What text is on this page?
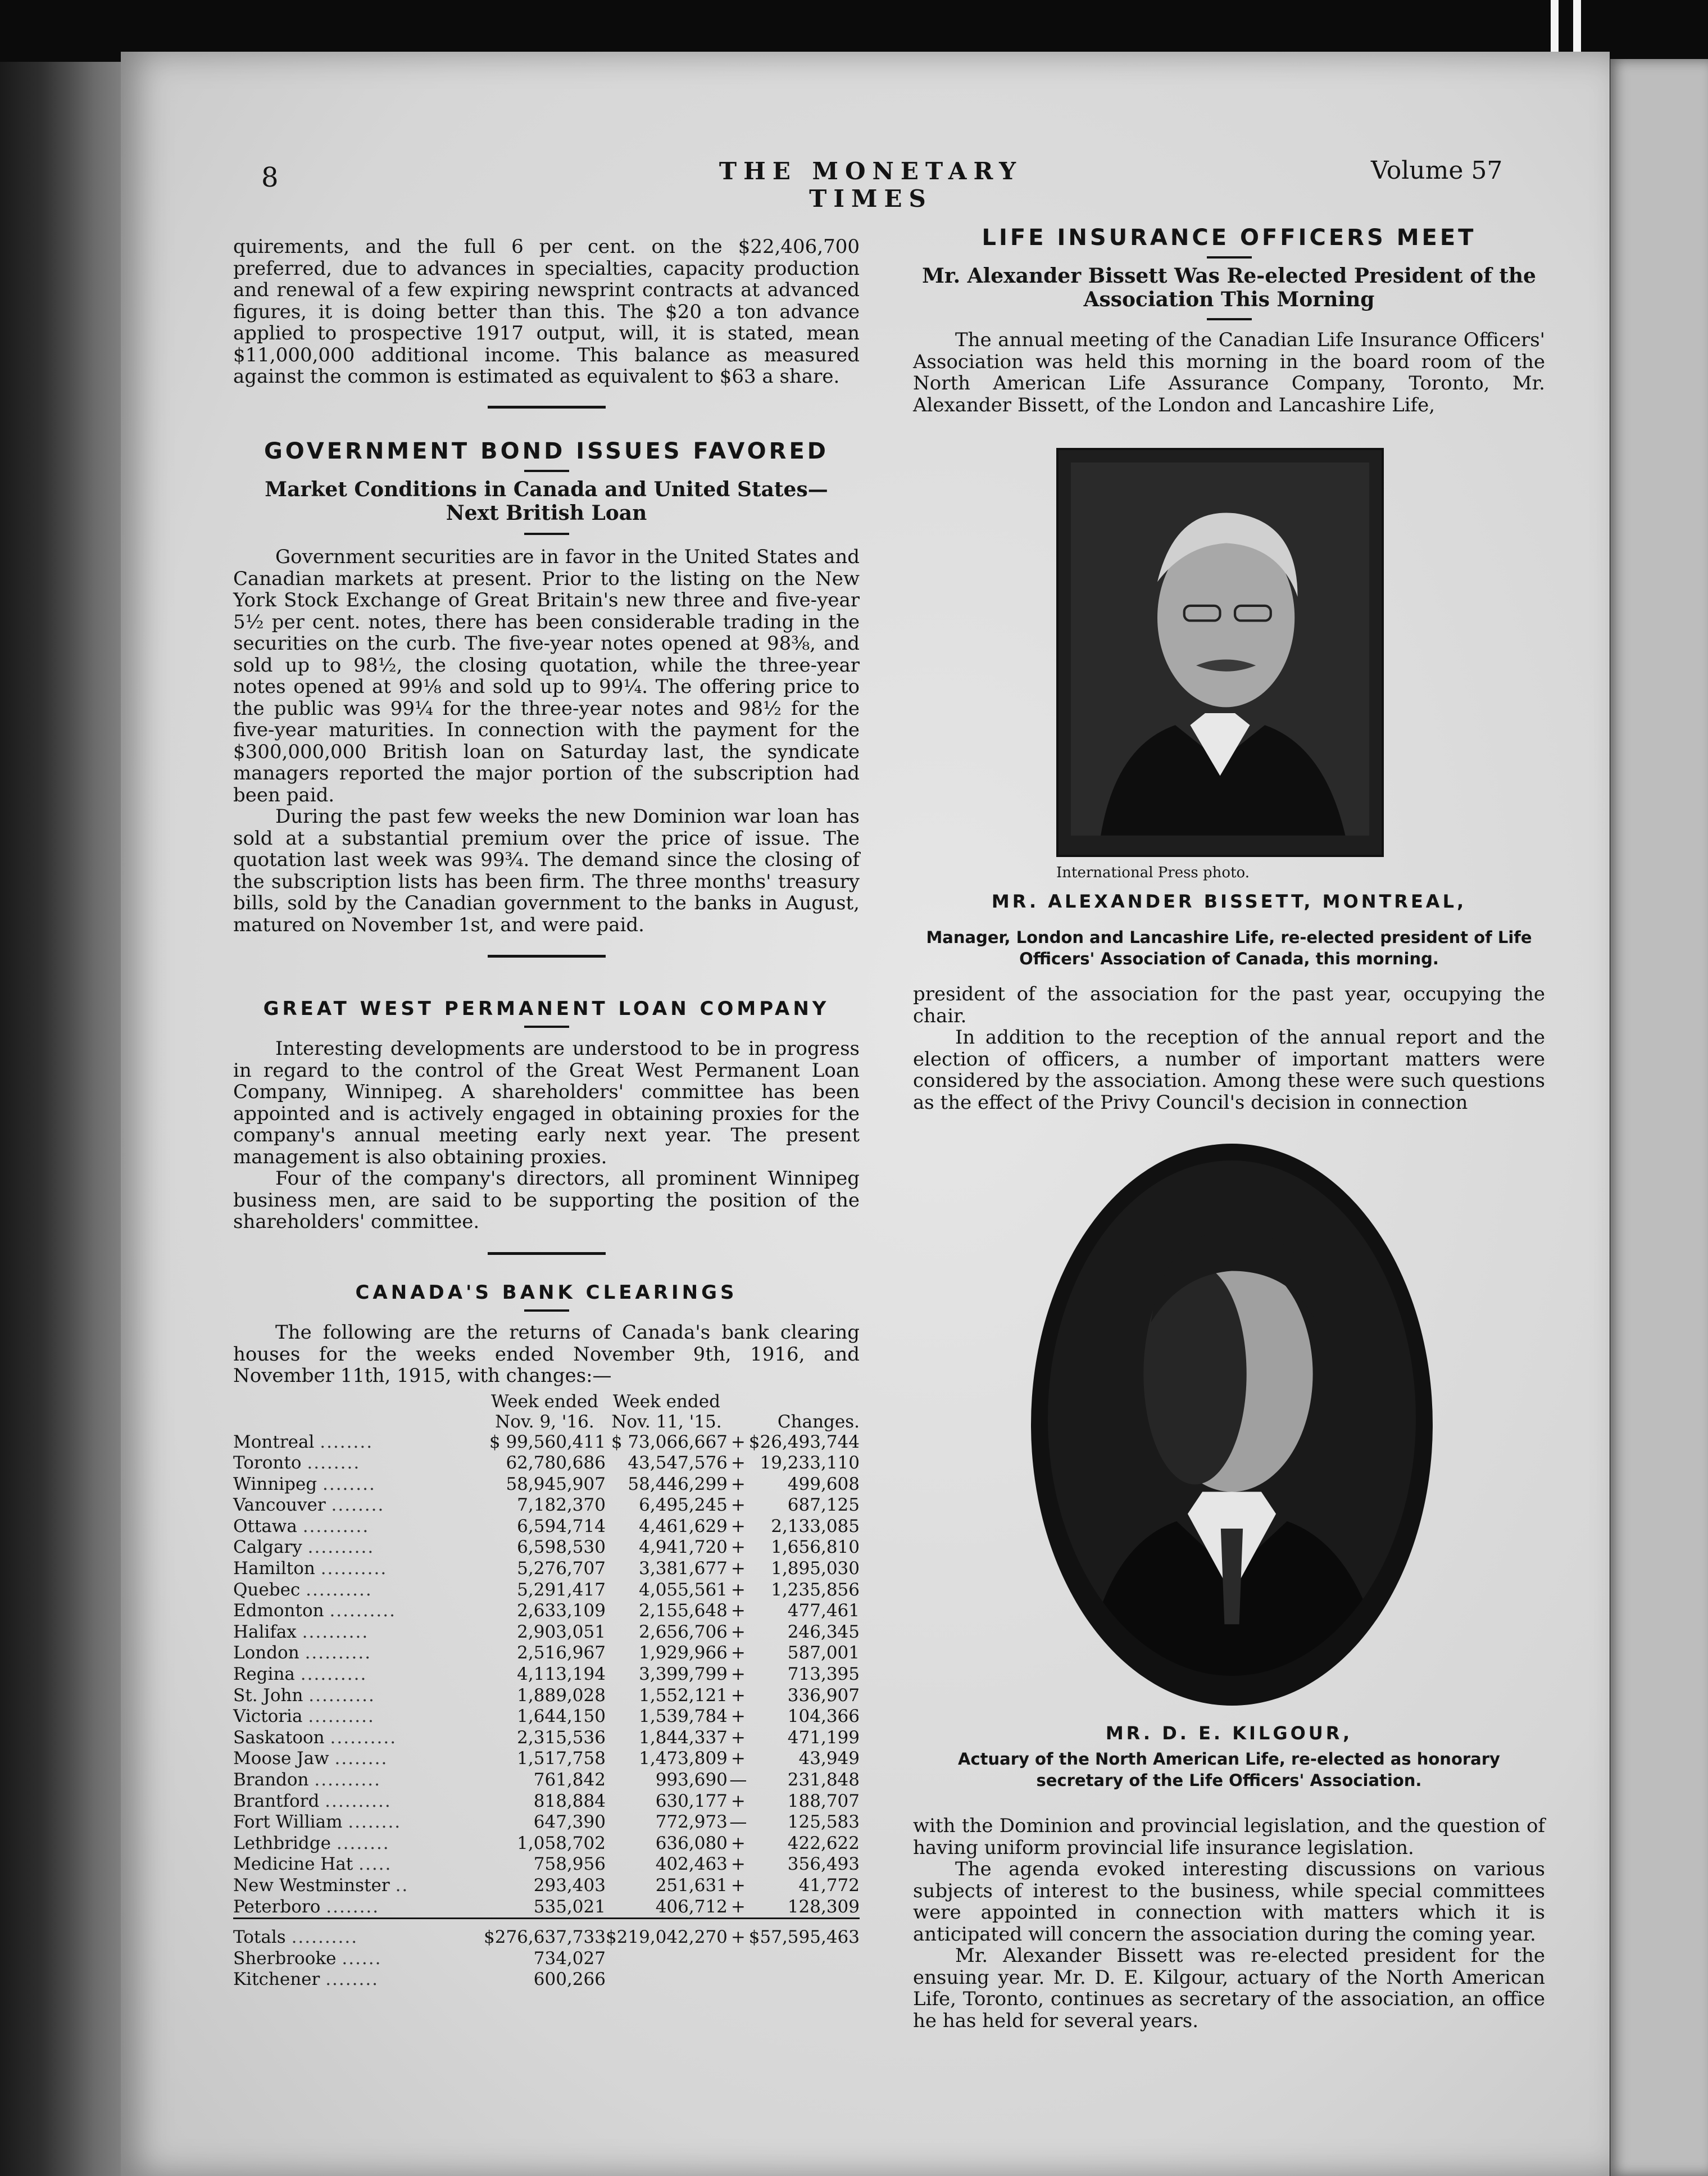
8	THE MONETARY TIMES
Volume 57

quirements, and the full 6 per cent. on the $22,406,700 preferred, due to advances in specialties, capacity production and renewal of a few expiring newsprint contracts at advanced figures, it is doing better than this. The $20 a ton advance applied to prospective 1917 output, will, it is stated, mean $11,000,000 additional income. This balance as measured against the common is estimated as equivalent to $63 a share.

GOVERNMENT BOND ISSUES FAVORED

Market Conditions in Canada and United States—Next British Loan

Government securities are in favor in the United States and Canadian markets at present. Prior to the listing on the New York Stock Exchange of Great Britain's new three and five-year 5½ per cent. notes, there has been considerable trading in the securities on the curb. The five-year notes opened at 98⅜, and sold up to 98½, the closing quotation, while the three-year notes opened at 99⅛ and sold up to 99¼. The offering price to the public was 99¼ for the three-year notes and 98½ for the five-year maturities. In connection with the payment for the $300,000,000 British loan on Saturday last, the syndicate managers reported the major portion of the subscription had been paid.

During the past few weeks the new Dominion war loan has sold at a substantial premium over the price of issue. The quotation last week was 99¾. The demand since the closing of the subscription lists has been firm. The three months' treasury bills, sold by the Canadian government to the banks in August, matured on November 1st, and were paid.

GREAT WEST PERMANENT LOAN COMPANY

Interesting developments are understood to be in progress in regard to the control of the Great West Permanent Loan Company, Winnipeg. A shareholders' committee has been appointed and is actively engaged in obtaining proxies for the company's annual meeting early next year. The present management is also obtaining proxies.

Four of the company's directors, all prominent Winnipeg business men, are said to be supporting the position of the shareholders' committee.

CANADA'S BANK CLEARINGS

The following are the returns of Canada's bank clearing houses for the weeks ended November 9th, 1916, and November 11th, 1915, with changes:—

		Week ended
Nov. 9, '16.	Week ended
Nov. 11, '15.		Changes.
Montreal ........		$ 99,560,411	$ 73,066,667	+	$26,493,744
Toronto ........		62,780,686	43,547,576	+	19,233,110
Winnipeg ........		58,945,907	58,446,299	+	499,608
Vancouver ........		7,182,370	6,495,245	+	687,125
Ottawa ..........		6,594,714	4,461,629	+	2,133,085
Calgary ..........		6,598,530	4,941,720	+	1,656,810
Hamilton ..........		5,276,707	3,381,677	+	1,895,030
Quebec ..........		5,291,417	4,055,561	+	1,235,856
Edmonton ..........		2,633,109	2,155,648	+	477,461
Halifax ..........		2,903,051	2,656,706	+	246,345
London ..........		2,516,967	1,929,966	+	587,001
Regina ..........		4,113,194	3,399,799	+	713,395
St. John ..........		1,889,028	1,552,121	+	336,907
Victoria ..........		1,644,150	1,539,784	+	104,366
Saskatoon ..........		2,315,536	1,844,337	+	471,199
Moose Jaw ........		1,517,758	1,473,809	+	43,949
Brandon ..........		761,842	993,690	—	231,848
Brantford ..........		818,884	630,177	+	188,707
Fort William ........		647,390	772,973	—	125,583
Lethbridge ........		1,058,702	636,080	+	422,622
Medicine Hat .....		758,956	402,463	+	356,493
New Westminster ..		293,403	251,631	+	41,772
Peterboro ........		535,021	406,712	+	128,309
Totals ..........		$276,637,733	$219,042,270	+	$57,595,463
Sherbrooke ......		734,027			
Kitchener ........		600,266			

LIFE INSURANCE OFFICERS MEET

Mr. Alexander Bissett Was Re-elected President of the Association This Morning

The annual meeting of the Canadian Life Insurance Officers' Association was held this morning in the board room of the North American Life Assurance Company, Toronto, Mr. Alexander Bissett, of the London and Lancashire Life,

International Press photo.
MR. ALEXANDER BISSETT, MONTREAL,
Manager, London and Lancashire Life, re-elected president of Life Officers' Association of Canada, this morning.

president of the association for the past year, occupying the chair.

In addition to the reception of the annual report and the election of officers, a number of important matters were considered by the association. Among these were such questions as the effect of the Privy Council's decision in connection

MR. D. E. KILGOUR,
Actuary of the North American Life, re-elected as honorary secretary of the Life Officers' Association.

with the Dominion and provincial legislation, and the question of having uniform provincial life insurance legislation.

The agenda evoked interesting discussions on various subjects of interest to the business, while special committees were appointed in connection with matters which it is anticipated will concern the association during the coming year.

Mr. Alexander Bissett was re-elected president for the ensuing year. Mr. D. E. Kilgour, actuary of the North American Life, Toronto, continues as secretary of the association, an office he has held for several years.
